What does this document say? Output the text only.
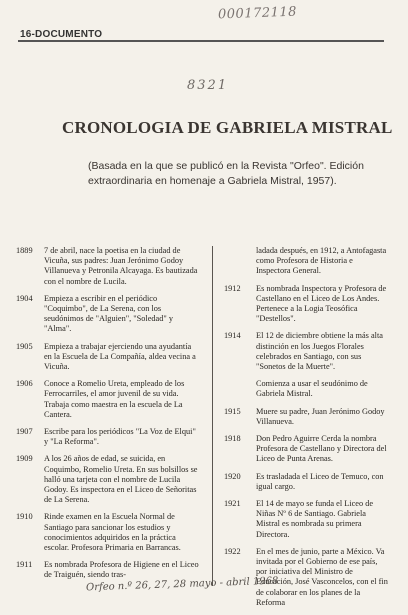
000172118
16-DOCUMENTO
8321
CRONOLOGIA DE GABRIELA MISTRAL
(Basada en la que se publicó en la Revista "Orfeo". Edición extraordinaria en homenaje a Gabriela Mistral, 1957).
1889	7 de abril, nace la poetisa en la ciudad de Vicuña, sus padres: Juan Jerónimo Godoy Villanueva y Petronila Alcayaga. Es bautizada con el nombre de Lucila.
1904	Empieza a escribir en el periódico "Coquimbo", de La Serena, con los seudónimos de "Alguien", "Soledad" y "Alma".
1905	Empieza a trabajar ejerciendo una ayudantía en la Escuela de La Compañía, aldea vecina a Vicuña.
1906	Conoce a Romelio Ureta, empleado de los Ferrocarriles, el amor juvenil de su vida. Trabaja como maestra en la escuela de La Cantera.
1907	Escribe para los periódicos "La Voz de Elqui" y "La Reforma".
1909	A los 26 años de edad, se suicida, en Coquimbo, Romelio Ureta. En sus bolsillos se halló una tarjeta con el nombre de Lucila Godoy. Es inspectora en el Liceo de Señoritas de La Serena.
1910	Rinde examen en la Escuela Normal de Santiago para sancionar los estudios y conocimientos adquiridos en la práctica escolar. Profesora Primaria en Barrancas.
1911	Es nombrada Profesora de Higiene en el Liceo de Traiguén, siendo tras-
ladada después, en 1912, a Antofagasta como Profesora de Historia e Inspectora General.
1912	Es nombrada Inspectora y Profesora de Castellano en el Liceo de Los Andes. Pertenece a la Logia Teosófica "Destellos".
1914	El 12 de diciembre obtiene la más alta distinción en los Juegos Florales celebrados en Santiago, con sus "Sonetos de la Muerte".
Comienza a usar el seudónimo de Gabriela Mistral.
1915	Muere su padre, Juan Jerónimo Godoy Villanueva.
1918	Don Pedro Aguirre Cerda la nombra Profesora de Castellano y Directora del Liceo de Punta Arenas.
1920	Es trasladada el Liceo de Temuco, con igual cargo.
1921	El 14 de mayo se funda el Liceo de Niñas Nº 6 de Santiago. Gabriela Mistral es nombrada su primera Directora.
1922	En el mes de junio, parte a México. Va invitada por el Gobierno de ese país, por iniciativa del Ministro de Educación, José Vasconcelos, con el fin de colaborar en los planes de la Reforma
Orfeo n.º 26, 27, 28 mayo - abril 1968
